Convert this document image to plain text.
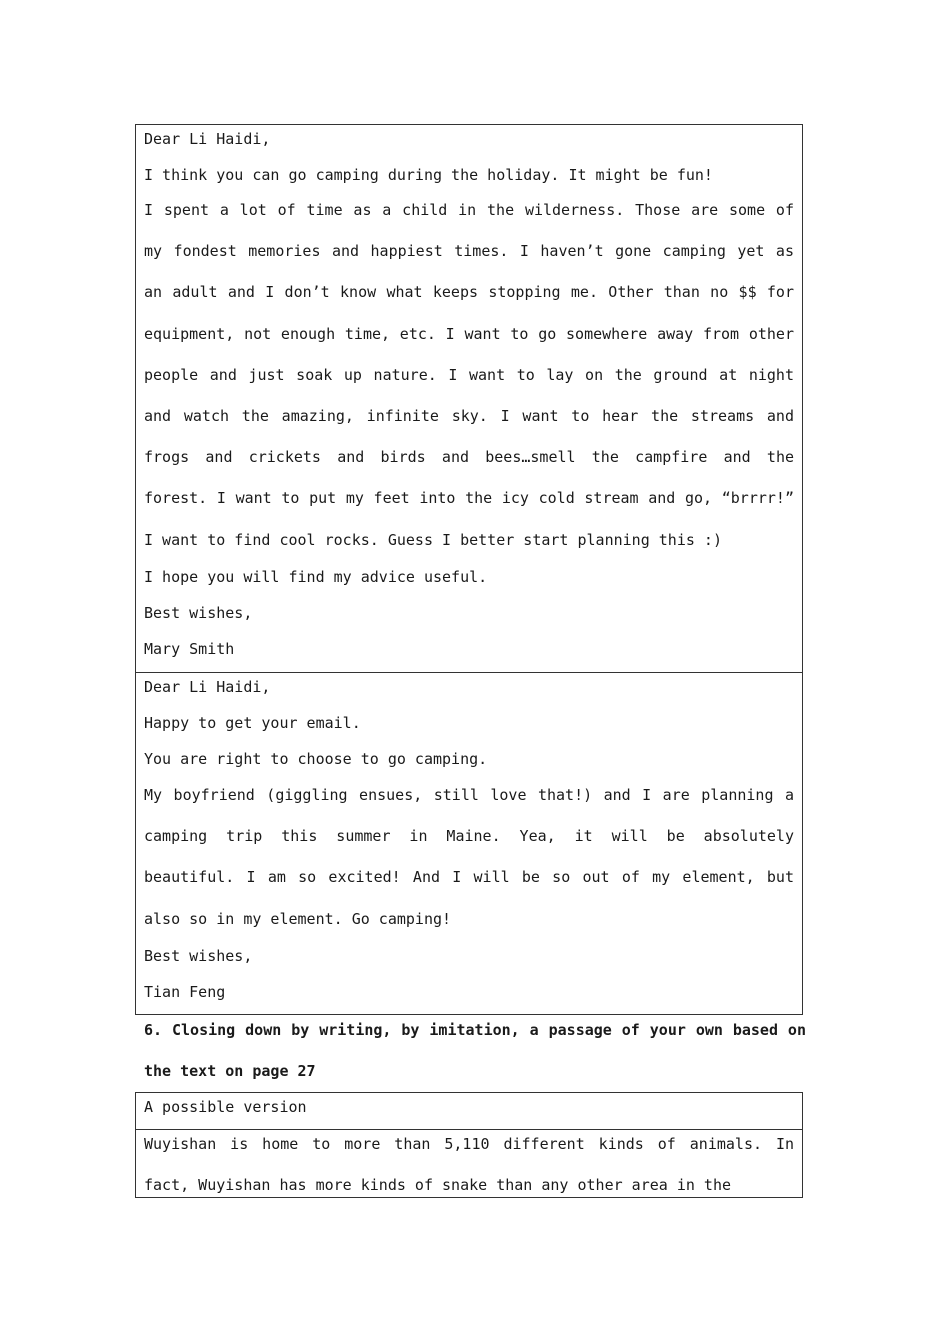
Dear Li Haidi,
I think you can go camping during the holiday. It might be fun!
I spent a lot of time as a child in the wilderness. Those are some of my fondest memories and happiest times. I haven’t gone camping yet as an adult and I don’t know what keeps stopping me. Other than no $$ for equipment, not enough time, etc. I want to go somewhere away from other people and just soak up nature. I want to lay on the ground at night and watch the amazing, infinite sky. I want to hear the streams and frogs and crickets and birds and bees…smell the campfire and the forest. I want to put my feet into the icy cold stream and go, “brrrr!” I want to find cool rocks. Guess I better start planning this :)
I hope you will find my advice useful.
Best wishes,
Mary Smith
Dear Li Haidi,
Happy to get your email.
You are right to choose to go camping.
My boyfriend (giggling ensues, still love that!) and I are planning a camping trip this summer in Maine. Yea, it will be absolutely beautiful. I am so excited! And I will be so out of my element, but also so in my element. Go camping!
Best wishes,
Tian Feng
6. Closing down by writing, by imitation, a passage of your own based on the text on page 27
A possible version
Wuyishan is home to more than 5,110 different kinds of animals. In fact, Wuyishan has more kinds of snake than any other area in the
